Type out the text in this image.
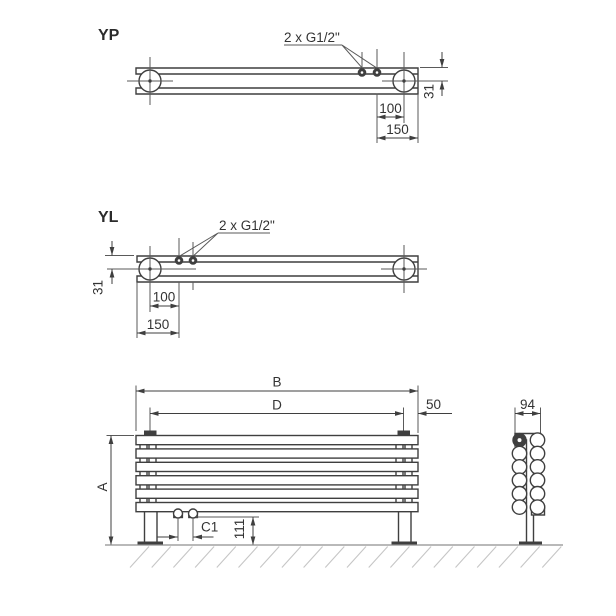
YP	2 x G1/2"
100
150
31
YL	2 x G1/2"
31
100
150
B
D	50
A
C1 111
94
